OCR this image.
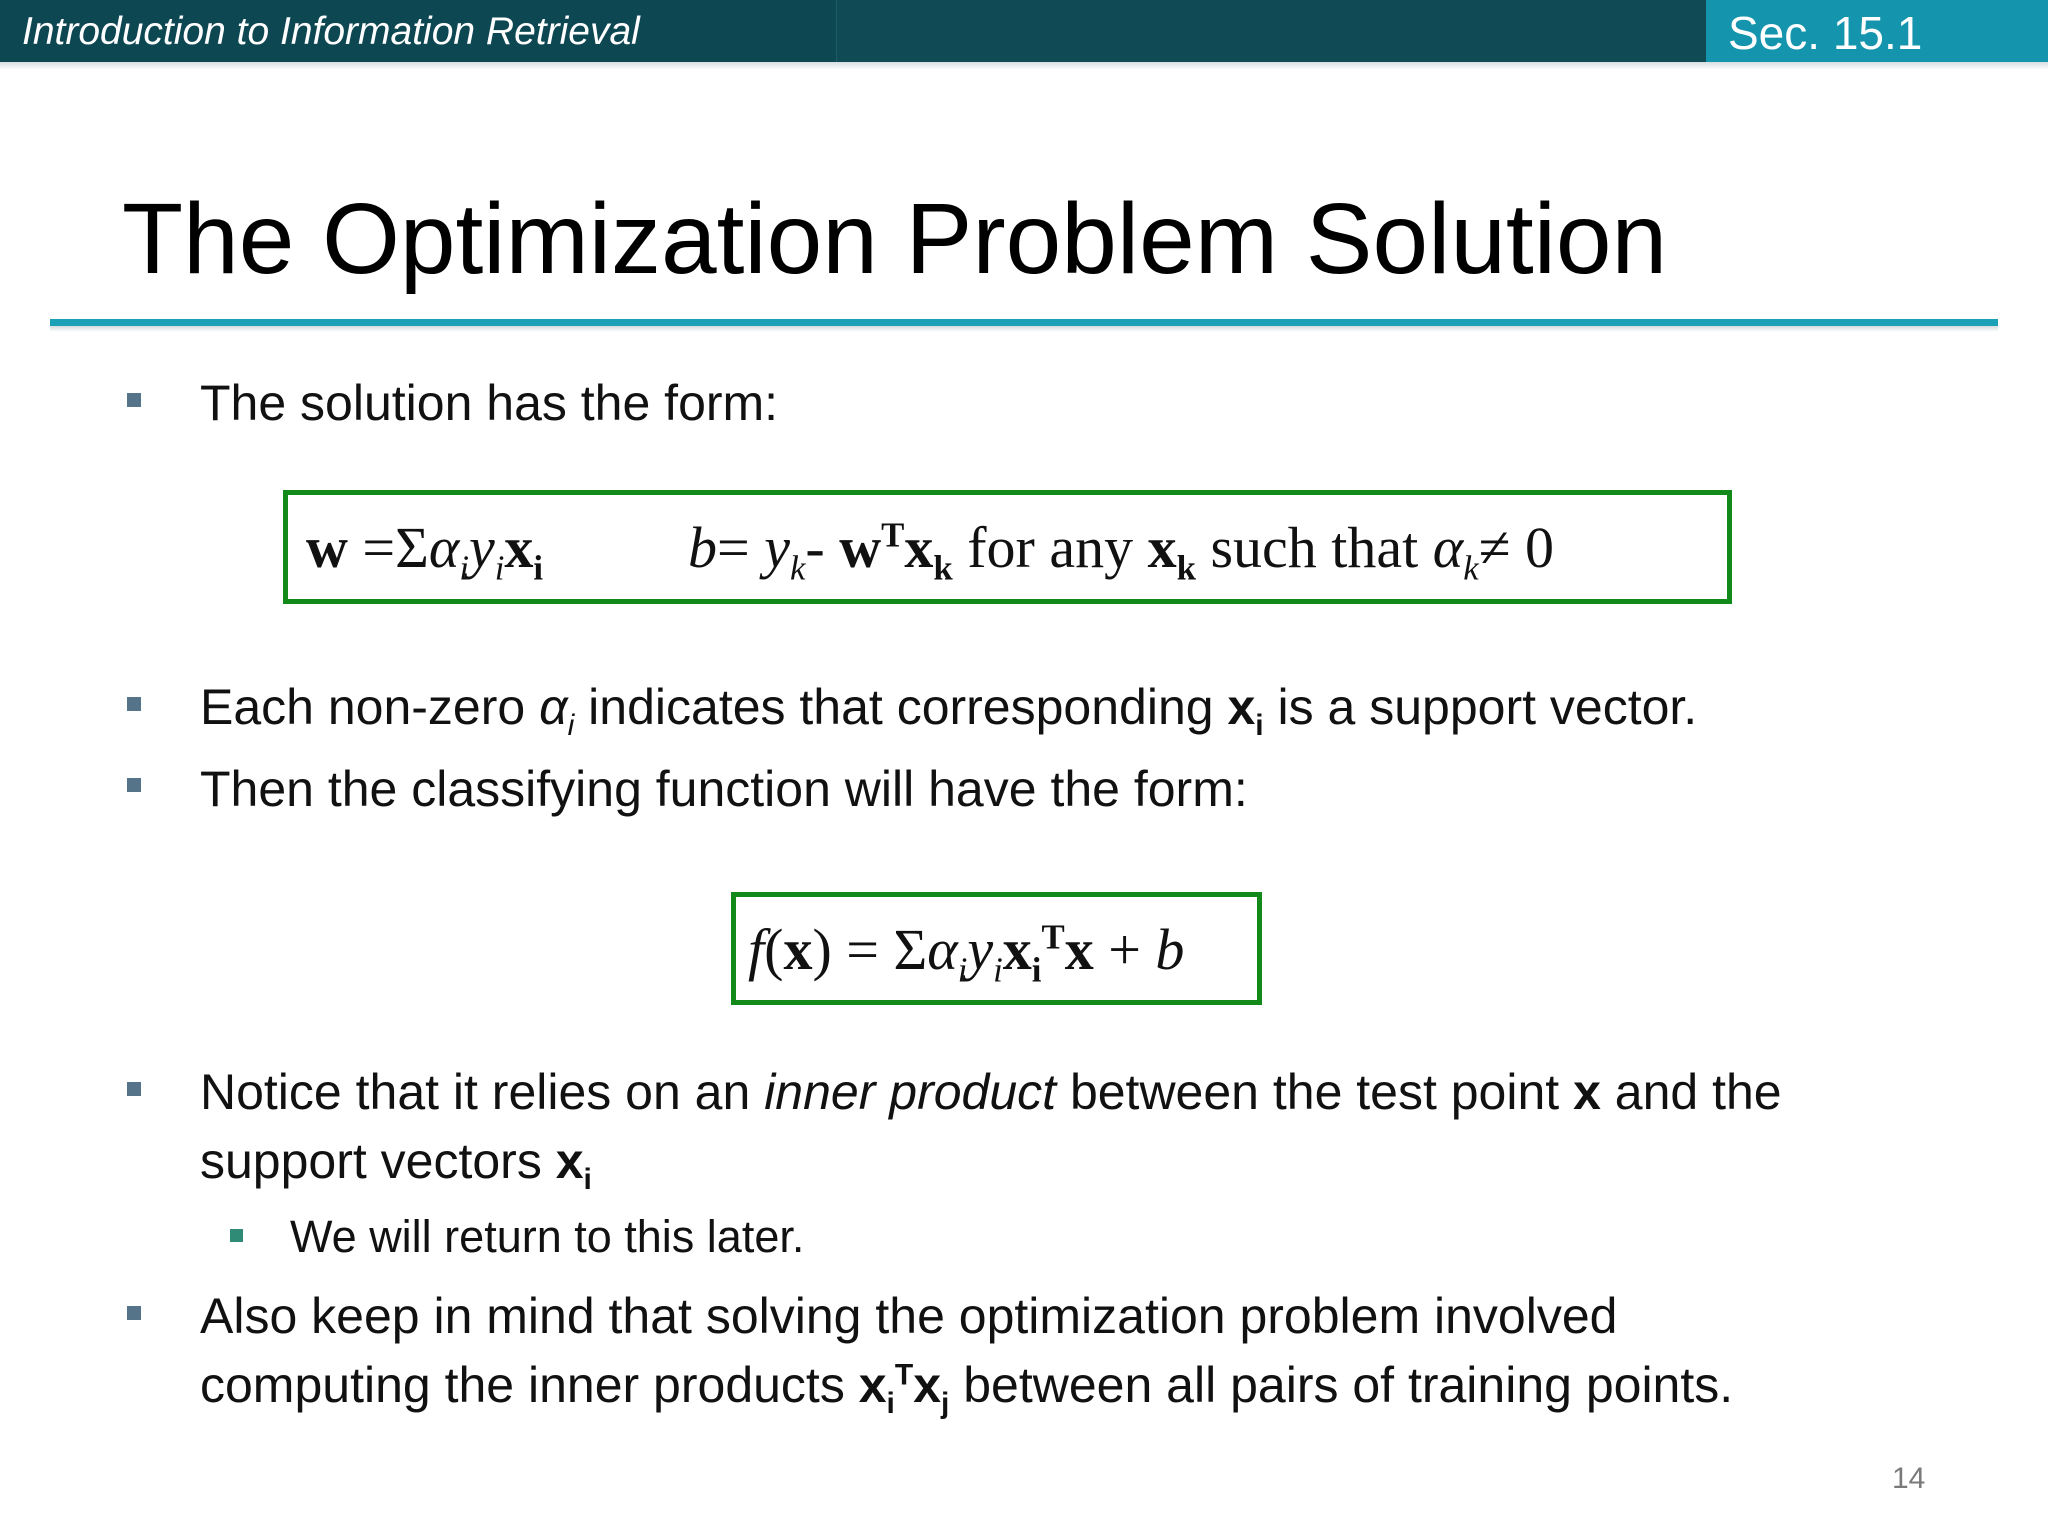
Introduction to Information Retrieval	Sec. 15.1
The Optimization Problem Solution
The solution has the form:
$w =\Sigma\alpha_iy_ix_i$ $b= y_k-$ $w^Tx_k$ for any $x_k$ such that $\alpha_k\ne 0$
Each non-zero $\alpha_i$ indicates that corresponding $x_i$ is a support vector.
Then the classifying function will have the form:
$f(x) = \Sigma\alpha_iy_ix_i^Tx + b$
Notice that it relies on an inner product between the test point x and the
support vectors $x_i$
We will return to this later.
Also keep in mind that solving the optimization problem involved
computing the inner products $x_i^Tx_j$ between all pairs of training points.
14
